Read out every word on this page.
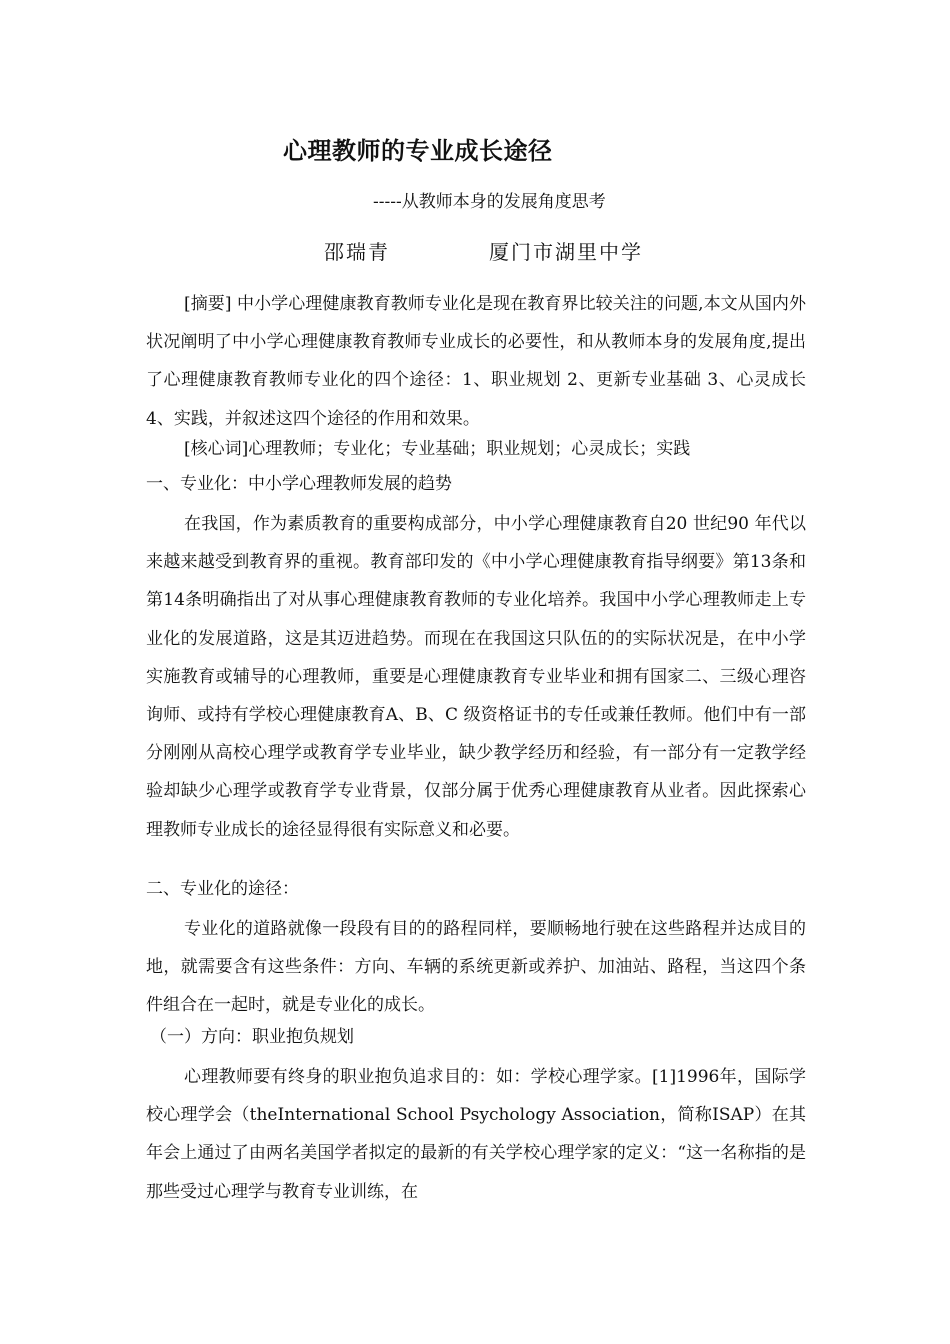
心理教师的专业成长途径
-----从教师本身的发展角度思考
邵瑞青	厦门市湖里中学
[摘要] 中小学心理健康教育教师专业化是现在教育界比较关注的问题,本文从国内外状况阐明了中小学心理健康教育教师专业成长的必要性，和从教师本身的发展角度,提出了心理健康教育教师专业化的四个途径：1、职业规划 2、更新专业基础 3、心灵成长 4、实践，并叙述这四个途径的作用和效果。
[核心词]心理教师；专业化；专业基础；职业规划；心灵成长；实践
一、专业化：中小学心理教师发展的趋势
在我国，作为素质教育的重要构成部分，中小学心理健康教育自20 世纪90 年代以来越来越受到教育界的重视。教育部印发的《中小学心理健康教育指导纲要》第13条和第14条明确指出了对从事心理健康教育教师的专业化培养。我国中小学心理教师走上专业化的发展道路，这是其迈进趋势。而现在在我国这只队伍的的实际状况是，在中小学实施教育或辅导的心理教师，重要是心理健康教育专业毕业和拥有国家二、三级心理咨询师、或持有学校心理健康教育A、B、C 级资格证书的专任或兼任教师。他们中有一部分刚刚从高校心理学或教育学专业毕业，缺少教学经历和经验，有一部分有一定教学经验却缺少心理学或教育学专业背景，仅部分属于优秀心理健康教育从业者。因此探索心理教师专业成长的途径显得很有实际意义和必要。
二、专业化的途径：
专业化的道路就像一段段有目的的路程同样，要顺畅地行驶在这些路程并达成目的地，就需要含有这些条件：方向、车辆的系统更新或养护、加油站、路程，当这四个条件组合在一起时，就是专业化的成长。
（一）方向：职业抱负规划
心理教师要有终身的职业抱负追求目的：如：学校心理学家。[1]1996年，国际学校心理学会（theInternational School Psychology Association，简称ISAP）在其年会上通过了由两名美国学者拟定的最新的有关学校心理学家的定义：“这一名称指的是那些受过心理学与教育专业训练，在
